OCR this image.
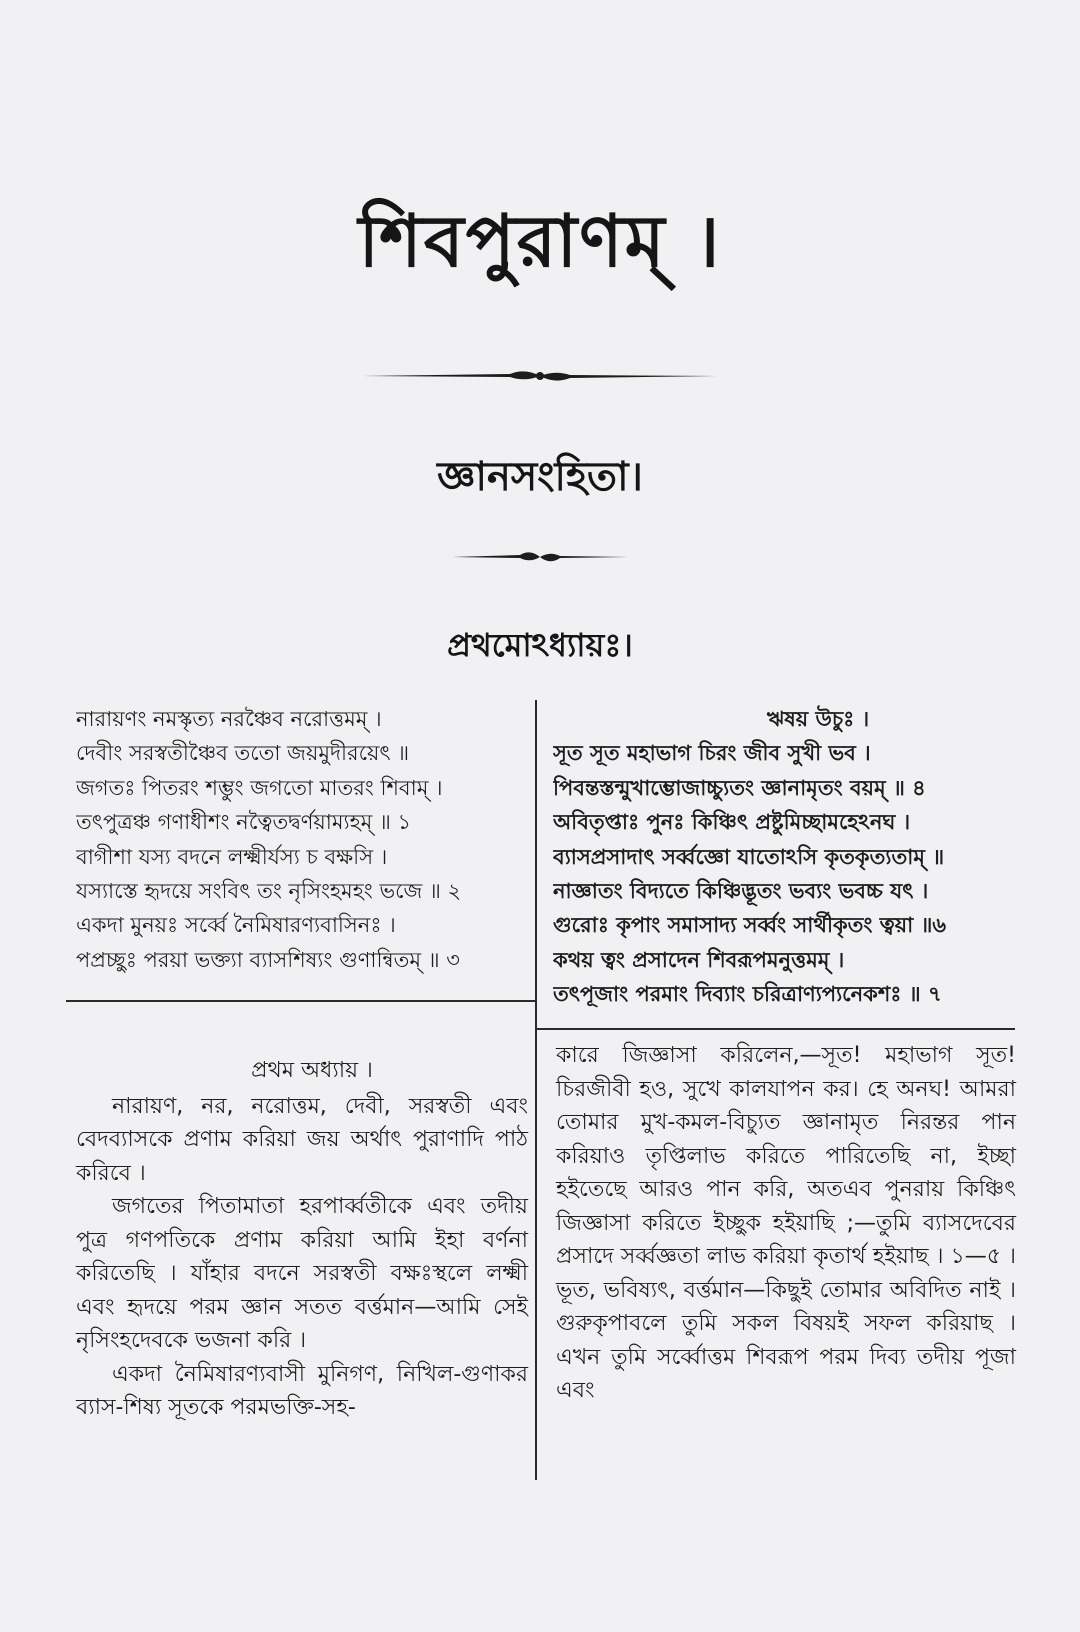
শিবপুরাণম্‌ ।
জ্ঞানসংহিতা।
প্রথমোঽধ্যায়ঃ।
নারায়ণং নমস্কৃত্য নরঞ্চৈব নরোত্তমম্‌ ।
দেবীং সরস্বতীঞ্চৈব ততো জয়মুদীরয়েৎ ॥
জগতঃ পিতরং শম্ভুং জগতো মাতরং শিবাম্‌ ।
তৎপুত্রঞ্চ গণাধীশং নত্বৈতদ্বর্ণয়াম্যহম্‌ ॥ ১
বাগীশা যস্য বদনে লক্ষ্মীর্যস্য চ বক্ষসি ।
যস্যাস্তে হৃদয়ে সংবিৎ তং নৃসিংহমহং ভজে ॥ ২
একদা মুনয়ঃ সর্ব্বে নৈমিষারণ্যবাসিনঃ ।
পপ্রচ্ছুঃ পরয়া ভক্ত্যা ব্যাসশিষ্যং গুণান্বিতম্‌ ॥ ৩
ঋষয় উচুঃ ।
সূত সূত মহাভাগ চিরং জীব সুখী ভব ।
পিবন্তস্তন্মুখাম্ভোজাচ্চ্যুতং জ্ঞানামৃতং বয়ম্‌ ॥ ৪
অবিতৃপ্তাঃ পুনঃ কিঞ্চিৎ প্রষ্টুমিচ্ছামহেঽনঘ ।
ব্যাসপ্রসাদাৎ সর্ব্বজ্ঞো যাতোঽসি কৃতকৃত্যতাম্‌ ॥
নাজ্ঞাতং বিদ্যতে কিঞ্চিদ্ভূতং ভব্যং ভবচ্চ যৎ ।
গুরোঃ কৃপাং সমাসাদ্য সর্ব্বং সার্থীকৃতং ত্বয়া ॥৬
কথয় ত্বং প্রসাদেন শিবরূপমনুত্তমম্‌ ।
তৎপূজাং পরমাং দিব্যাং চরিত্রাণ্যপ্যনেকশঃ ॥ ৭
প্রথম অধ্যায় ।

নারায়ণ, নর, নরোত্তম, দেবী, সরস্বতী এবং বেদব্যাসকে প্রণাম করিয়া জয় অর্থাৎ পুরাণাদি পাঠ করিবে ।

জগতের পিতামাতা হরপার্ব্বতীকে এবং তদীয় পুত্র গণপতিকে প্রণাম করিয়া আমি ইহা বর্ণনা করিতেছি । যাঁহার বদনে সরস্বতী বক্ষঃস্থলে লক্ষ্মী এবং হৃদয়ে পরম জ্ঞান সতত বর্ত্তমান—আমি সেই নৃসিংহদেবকে ভজনা করি ।

একদা নৈমিষারণ্যবাসী মুনিগণ, নিখিল-গুণাকর ব্যাস-শিষ্য সূতকে পরমভক্তি-সহ-

কারে জিজ্ঞাসা করিলেন,—সূত! মহাভাগ সূত! চিরজীবী হও, সুখে কালযাপন কর। হে অনঘ! আমরা তোমার মুখ-কমল-বিচ্যুত জ্ঞানামৃত নিরন্তর পান করিয়াও তৃপ্তিলাভ করিতে পারিতেছি না, ইচ্ছা হইতেছে আরও পান করি, অতএব পুনরায় কিঞ্চিৎ জিজ্ঞাসা করিতে ইচ্ছুক হইয়াছি ;—তুমি ব্যাসদেবের প্রসাদে সর্ব্বজ্ঞতা লাভ করিয়া কৃতার্থ হইয়াছ । ১—৫ । ভূত, ভবিষ্যৎ, বর্ত্তমান—কিছুই তোমার অবিদিত নাই । গুরুকৃপাবলে তুমি সকল বিষয়ই সফল করিয়াছ । এখন তুমি সর্ব্বোত্তম শিবরূপ পরম দিব্য তদীয় পূজা এবং
